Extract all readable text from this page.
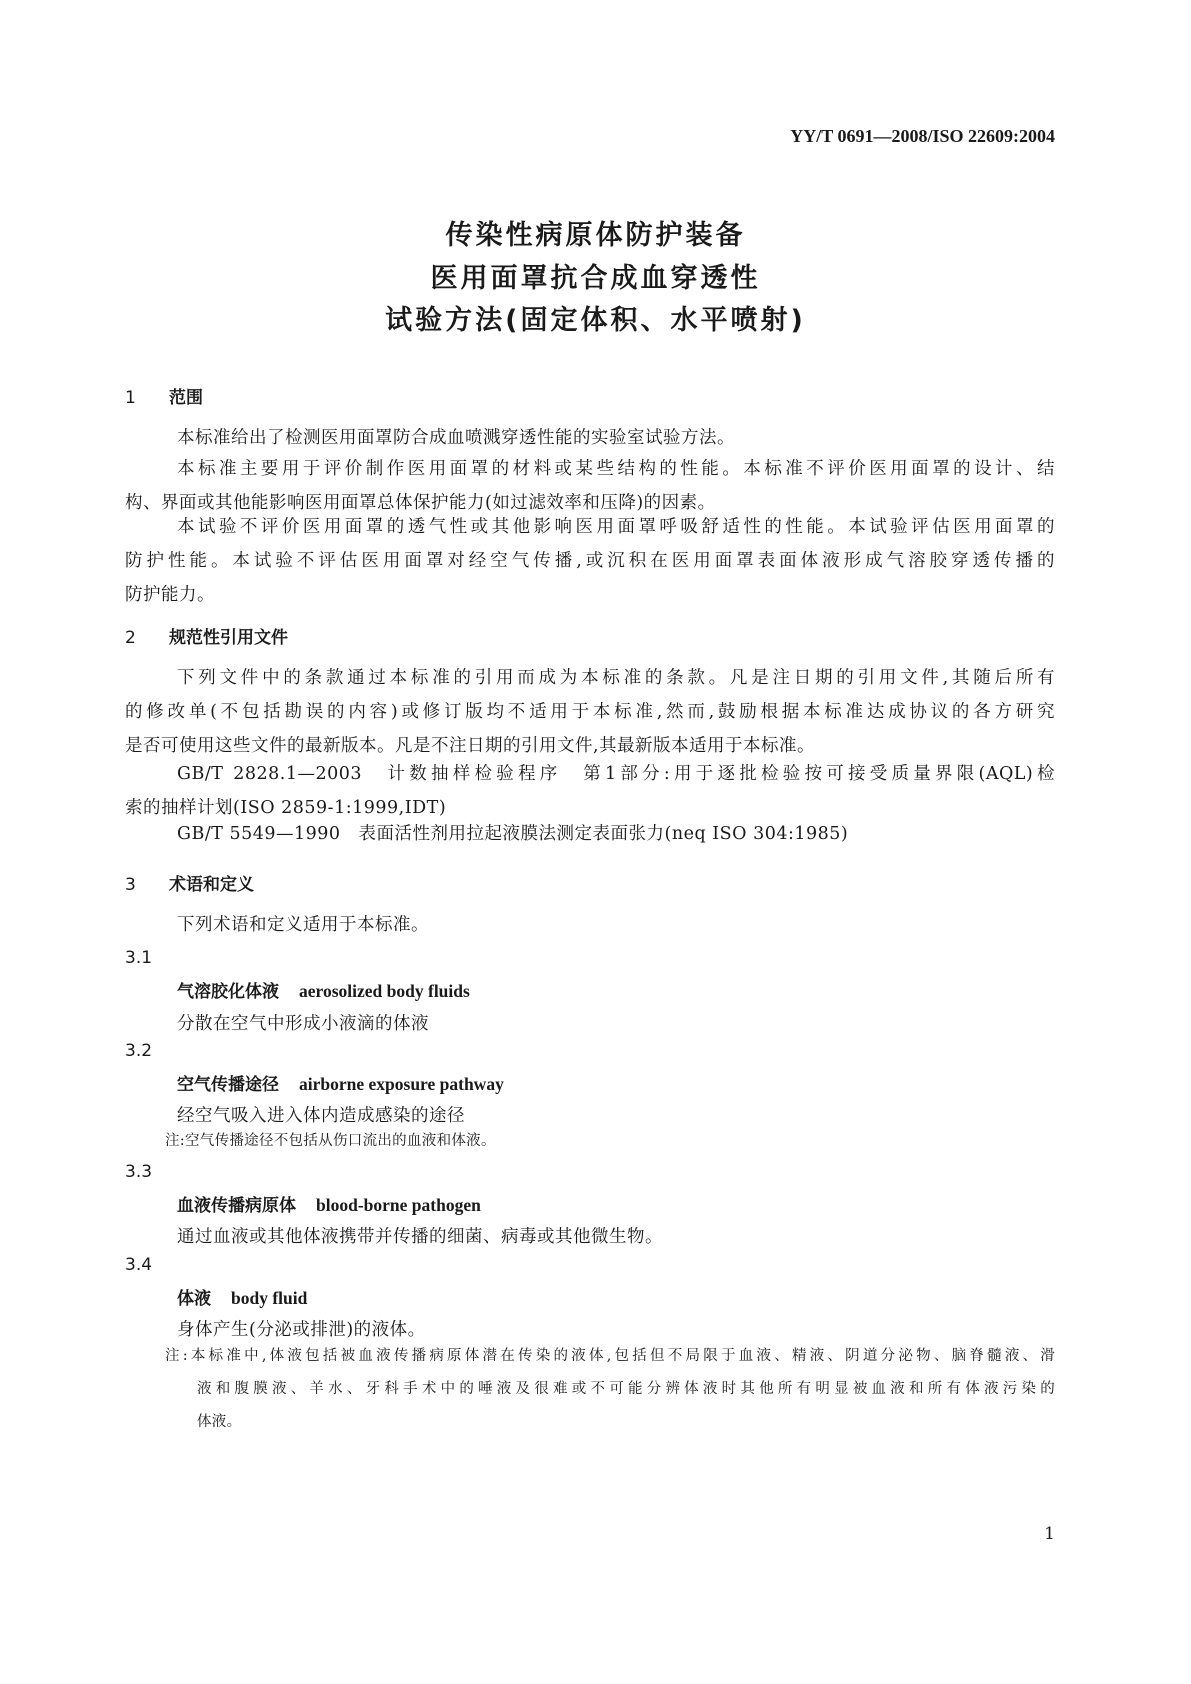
YY/T 0691—2008/ISO 22609:2004
传染性病原体防护装备
医用面罩抗合成血穿透性
试验方法(固定体积、水平喷射)
1 范围
本标准给出了检测医用面罩防合成血喷溅穿透性能的实验室试验方法。
本标准主要用于评价制作医用面罩的材料或某些结构的性能。本标准不评价医用面罩的设计、结
构、界面或其他能影响医用面罩总体保护能力(如过滤效率和压降)的因素。
本试验不评价医用面罩的透气性或其他影响医用面罩呼吸舒适性的性能。本试验评估医用面罩的
防护性能。本试验不评估医用面罩对经空气传播,或沉积在医用面罩表面体液形成气溶胶穿透传播的
防护能力。
2 规范性引用文件
下列文件中的条款通过本标准的引用而成为本标准的条款。凡是注日期的引用文件,其随后所有
的修改单(不包括勘误的内容)或修订版均不适用于本标准,然而,鼓励根据本标准达成协议的各方研究
是否可使用这些文件的最新版本。凡是不注日期的引用文件,其最新版本适用于本标准。
GB/T 2828.1—2003　计数抽样检验程序　第1部分:用于逐批检验按可接受质量界限(AQL)检
索的抽样计划(ISO 2859-1:1999,IDT)
GB/T 5549—1990　表面活性剂用拉起液膜法测定表面张力(neq ISO 304:1985)
3 术语和定义
下列术语和定义适用于本标准。
3.1
气溶胶化体液 aerosolized body fluids
分散在空气中形成小液滴的体液
3.2
空气传播途径 airborne exposure pathway
经空气吸入进入体内造成感染的途径
注:空气传播途径不包括从伤口流出的血液和体液。
3.3
血液传播病原体 blood-borne pathogen
通过血液或其他体液携带并传播的细菌、病毒或其他微生物。
3.4
体液 body fluid
身体产生(分泌或排泄)的液体。
注:本标准中,体液包括被血液传播病原体潜在传染的液体,包括但不局限于血液、精液、阴道分泌物、脑脊髓液、滑
液和腹膜液、羊水、牙科手术中的唾液及很难或不可能分辨体液时其他所有明显被血液和所有体液污染的
体液。
1
